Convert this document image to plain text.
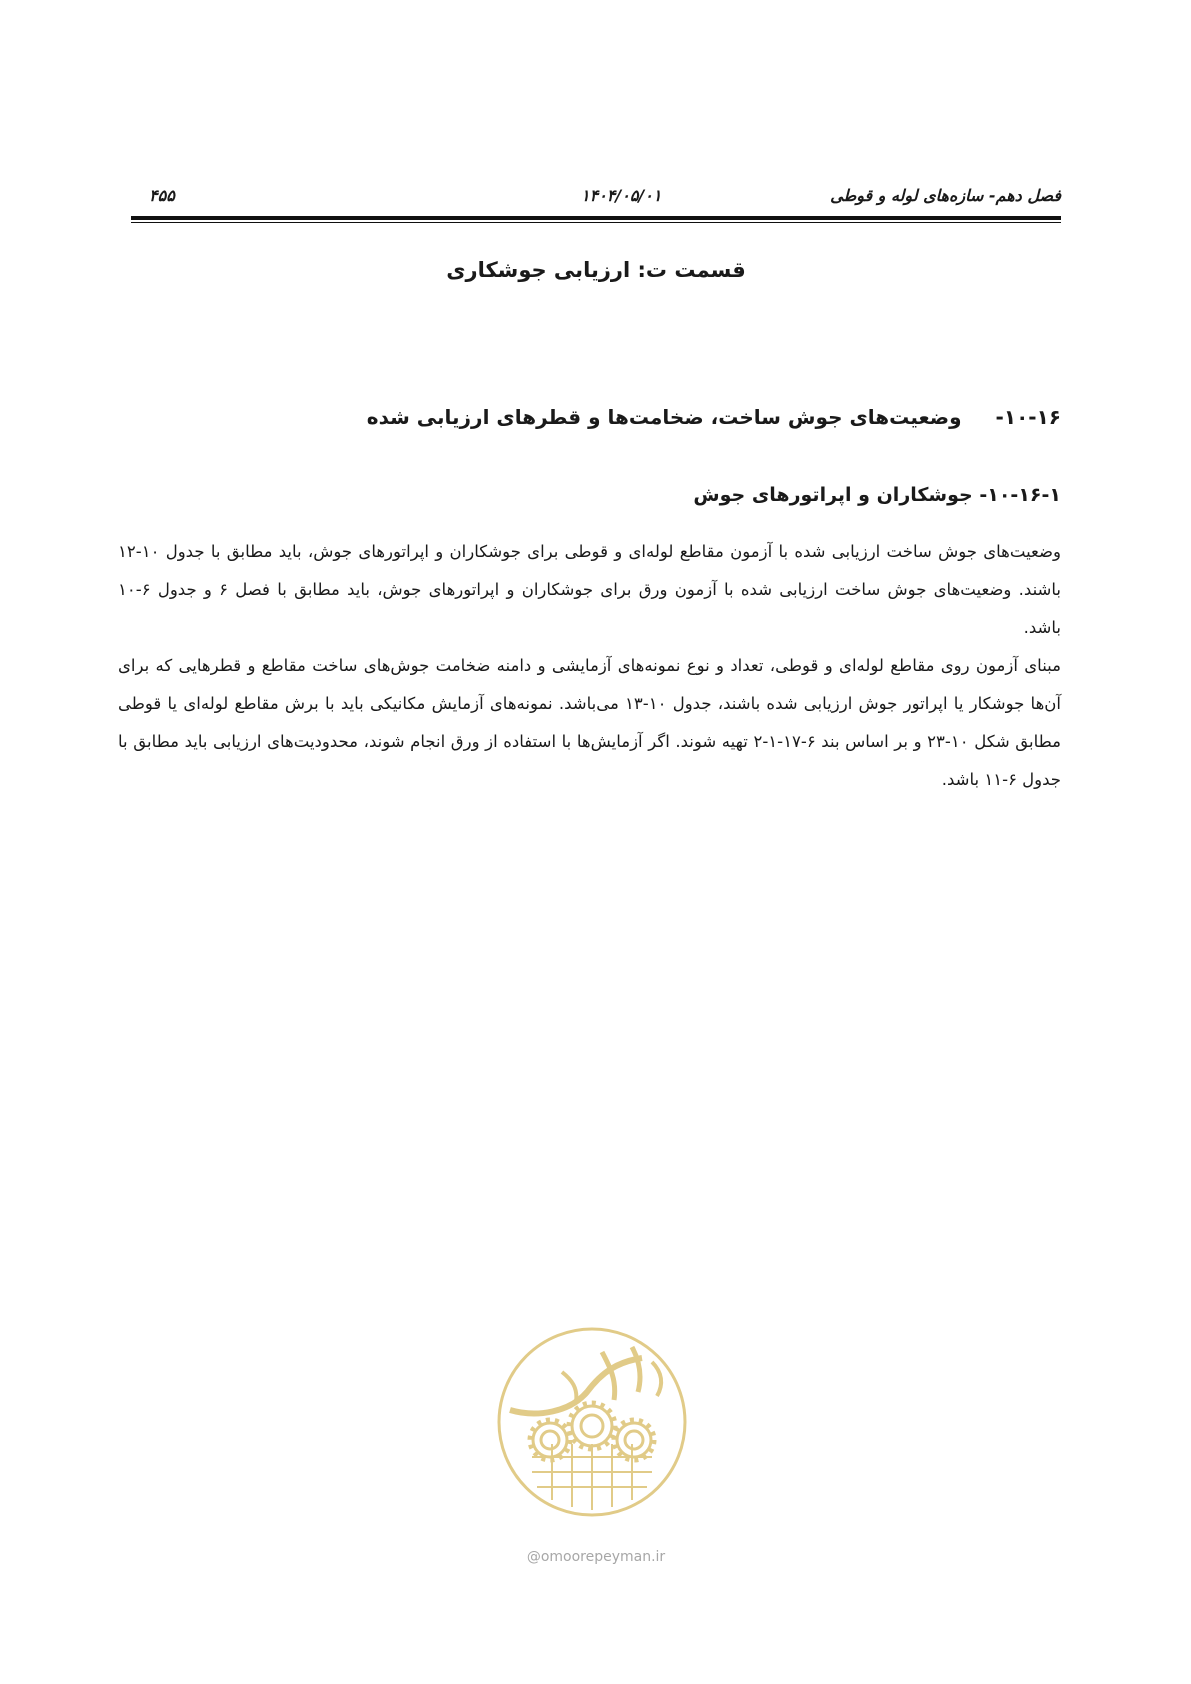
فصل دهم- سازه‌های لوله و قوطی
۱۴۰۴/۰۵/۰۱
۴۵۵
قسمت ت: ارزیابی جوشکاری
۱۰-۱۶-وضعیت‌های جوش ساخت، ضخامت‌ها و قطرهای ارزیابی شده
۱۰-۱۶-۱- جوشکاران و اپراتورهای جوش

وضعیت‌های جوش ساخت ارزیابی شده با آزمون مقاطع لوله‌ای و قوطی برای جوشکاران و اپراتورهای جوش، باید مطابق با جدول ۱۰-۱۲ باشند. وضعیت‌های جوش ساخت ارزیابی شده با آزمون ورق برای جوشکاران و اپراتورهای جوش، باید مطابق با فصل ۶ و جدول ۶-۱۰ باشد.

مبنای آزمون روی مقاطع لوله‌ای و قوطی، تعداد و نوع نمونه‌های آزمایشی و دامنه ضخامت جوش‌های ساخت مقاطع و قطرهایی که برای آن‌ها جوشکار یا اپراتور جوش ارزیابی شده باشند، جدول ۱۰-۱۳ می‌باشد. نمونه‌های آزمایش مکانیکی باید با برش مقاطع لوله‌ای یا قوطی مطابق شکل ۱۰-۲۳ و بر اساس بند ۶-۱۷-۱-۲ تهیه شوند. اگر آزمایش‌ها با استفاده از ورق انجام شوند، محدودیت‌های ارزیابی باید مطابق با جدول ۶-۱۱ باشد.

@omoorepeyman.ir
